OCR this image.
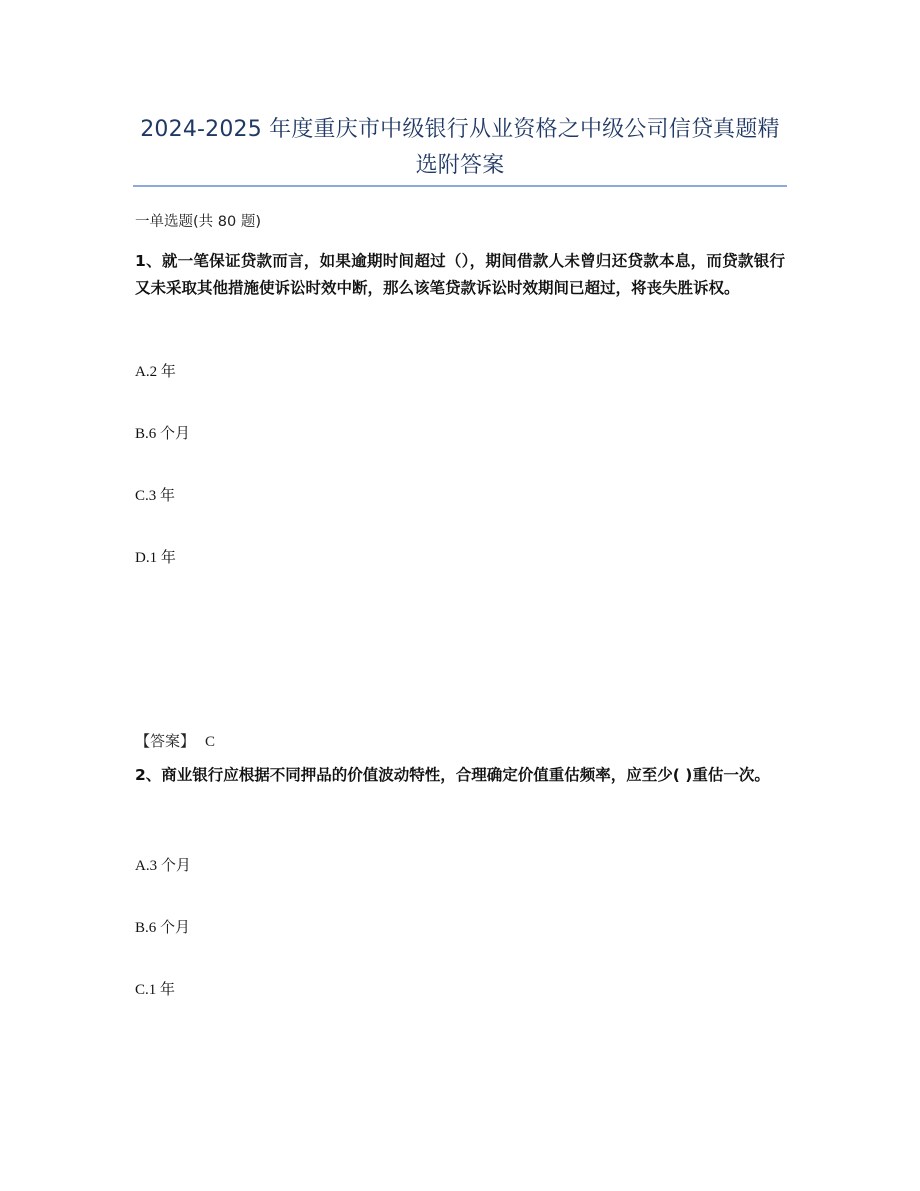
2024-2025 年度重庆市中级银行从业资格之中级公司信贷真题精选附答案
一单选题(共 80 题)
1、就一笔保证贷款而言，如果逾期时间超过（），期间借款人未曾归还贷款本息，而贷款银行又未采取其他措施使诉讼时效中断，那么该笔贷款诉讼时效期间已超过，将丧失胜诉权。
A.2 年
B.6 个月
C.3 年
D.1 年
【答案】 C
2、商业银行应根据不同押品的价值波动特性，合理确定价值重估频率，应至少( )重估一次。
A.3 个月
B.6 个月
C.1 年
